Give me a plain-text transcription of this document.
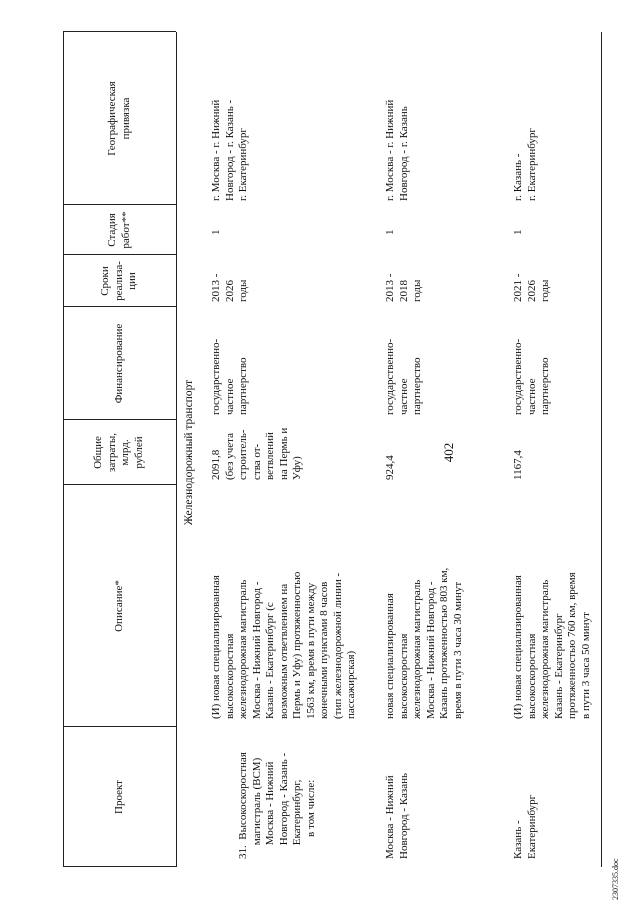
402
Проект
Описание*
Общие затраты, млрд. рублей
Финансирование
Сроки реализа- ции
Стадия работ**
Географическая привязка

31.  Высокоскоростная магистраль (ВСМ) Москва - Нижний Новгород - Казань - Екатеринбург, в том числе:

(И) новая специализированная высокоскоростная железнодорожная магистраль Москва - Нижний Новгород - Казань - Екатеринбург (с возможным ответвлением на Пермь и Уфу) протяженностью 1563 км, время в пути между конечными пунктами 8 часов (тип железнодорожной линии - пассажирская)
2091,8 (без учета строитель- ства от- ветвлений на Пермь и Уфу)
государственно- частное партнерство
2013 - 2026 годы
1
г. Москва - г. Нижний Новгород - г. Казань - г. Екатеринбург
Москва - Нижний Новгород - Казань
новая специализированная высокоскоростная железнодорожная магистраль Москва - Нижний Новгород - Казань протяженностью 803 км, время в пути 3 часа 30 минут
924,4
государственно- частное партнерство
2013 - 2018 годы
1
г. Москва - г. Нижний Новгород - г. Казань
Казань - Екатеринбург
(И) новая специализированная высокоскоростная железнодорожная магистраль Казань - Екатеринбург протяженностью 760 км, время в пути 3 часа 50 минут
1167,4
государственно- частное партнерство
2021 - 2026 годы
1
г. Казань - г. Екатеринбург
Железнодорожный транспорт
2307335.doc
